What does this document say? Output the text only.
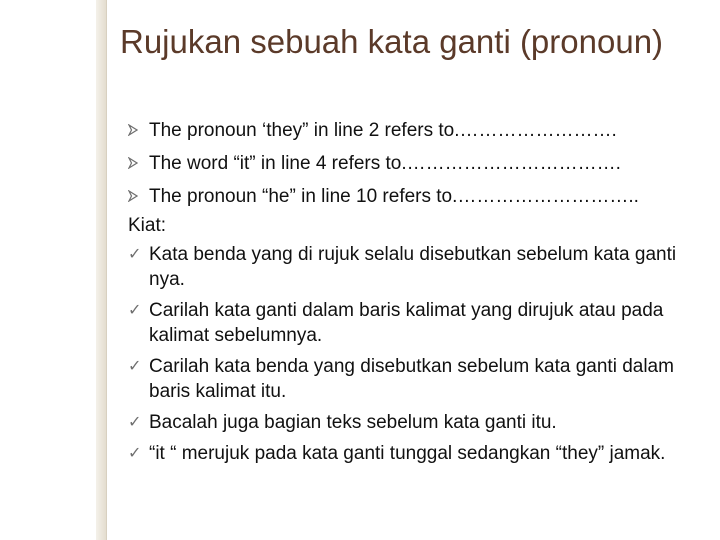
Rujukan sebuah kata ganti (pronoun)
The pronoun ‘they” in line 2 refers to.…………………….
The word “it” in line 4 refers to.…………………………….
The pronoun “he” in line 10 refers to.………………………..
Kiat:
✓ Kata benda yang di rujuk selalu disebutkan sebelum kata ganti nya.
✓ Carilah kata ganti dalam baris kalimat yang dirujuk atau pada kalimat sebelumnya.
✓ Carilah kata benda yang disebutkan sebelum kata ganti dalam baris kalimat itu.
✓ Bacalah juga bagian teks sebelum kata ganti itu.
✓ “it “ merujuk pada kata ganti tunggal sedangkan “they” jamak.
